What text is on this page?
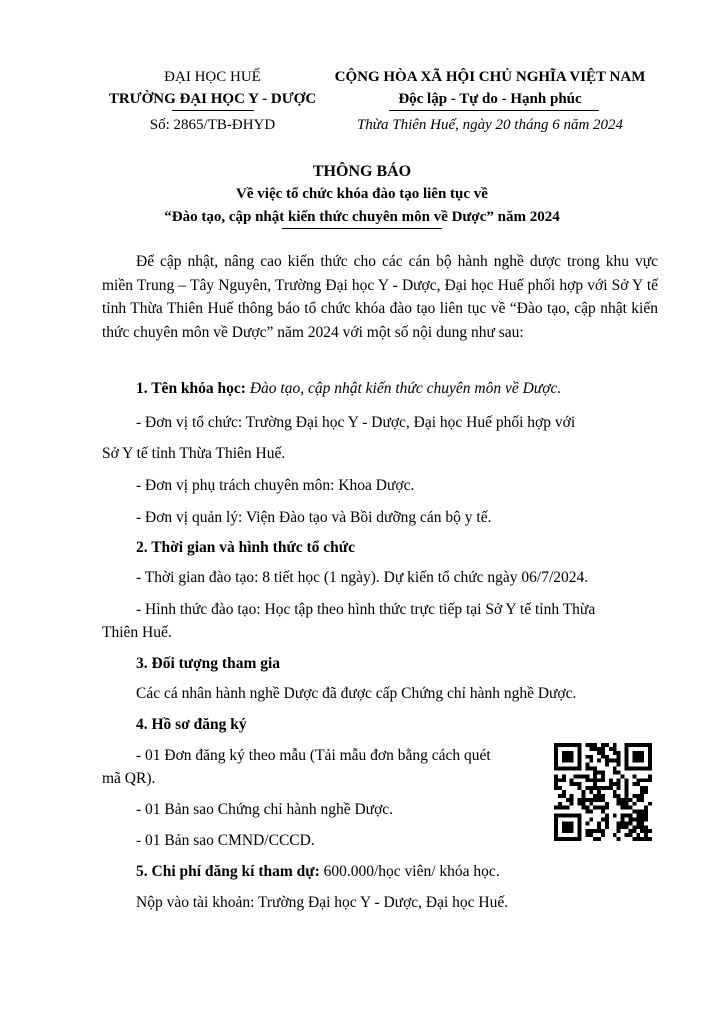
ĐẠI HỌC HUẾ
TRƯỜNG ĐẠI HỌC Y - DƯỢC
Số: 2865/TB-ĐHYD
CỘNG HÒA XÃ HỘI CHỦ NGHĨA VIỆT NAM
Độc lập - Tự do - Hạnh phúc
Thừa Thiên Huế, ngày 20 tháng 6 năm 2024
THÔNG BÁO
Về việc tổ chức khóa đào tạo liên tục về
“Đào tạo, cập nhật kiến thức chuyên môn về Dược” năm 2024

Để cập nhật, nâng cao kiến thức cho các cán bộ hành nghề dược trong khu vực miền Trung – Tây Nguyên, Trường Đại học Y - Dược, Đại học Huế phối hợp với Sở Y tế tỉnh Thừa Thiên Huế thông báo tổ chức khóa đào tạo liên tục về “Đào tạo, cập nhật kiến thức chuyên môn về Dược” năm 2024 với một số nội dung như sau:

1. Tên khóa học: Đào tạo, cập nhật kiến thức chuyên môn về Dược.
- Đơn vị tổ chức: Trường Đại học Y - Dược, Đại học Huế phối hợp với
Sở Y tế tỉnh Thừa Thiên Huế.
- Đơn vị phụ trách chuyên môn: Khoa Dược.
- Đơn vị quản lý: Viện Đào tạo và Bồi dưỡng cán bộ y tế.
2. Thời gian và hình thức tổ chức
- Thời gian đào tạo: 8 tiết học (1 ngày). Dự kiến tổ chức ngày 06/7/2024.
- Hình thức đào tạo: Học tập theo hình thức trực tiếp tại Sở Y tế tỉnh Thừa
Thiên Huế.
3. Đối tượng tham gia
Các cá nhân hành nghề Dược đã được cấp Chứng chỉ hành nghề Dược.
4. Hồ sơ đăng ký
- 01 Đơn đăng ký theo mẫu (Tải mẫu đơn bằng cách quét
mã QR).
- 01 Bản sao Chứng chỉ hành nghề Dược.
- 01 Bản sao CMND/CCCD.
5. Chi phí đăng kí tham dự: 600.000/học viên/ khóa học.
Nộp vào tài khoản: Trường Đại học Y - Dược, Đại học Huế.
